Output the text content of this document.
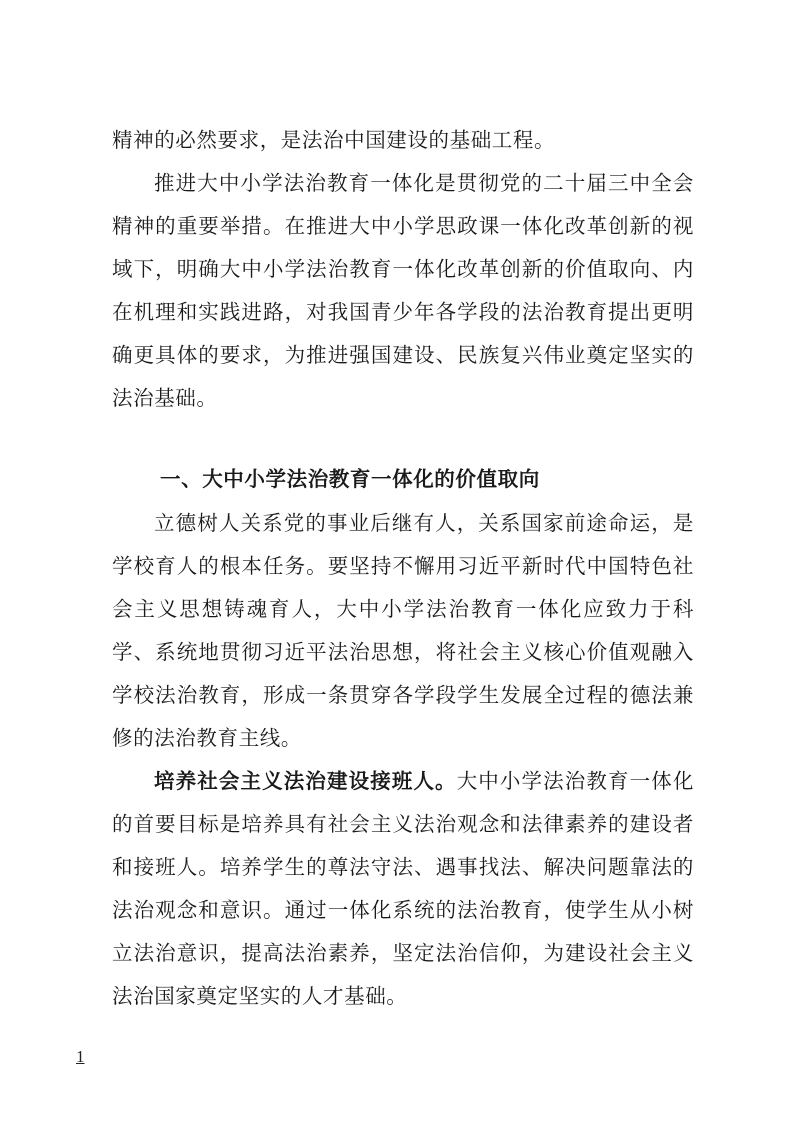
精神的必然要求，是法治中国建设的基础工程。

推进大中小学法治教育一体化是贯彻党的二十届三中全会精神的重要举措。在推进大中小学思政课一体化改革创新的视域下，明确大中小学法治教育一体化改革创新的价值取向、内在机理和实践进路，对我国青少年各学段的法治教育提出更明确更具体的要求，为推进强国建设、民族复兴伟业奠定坚实的法治基础。

一、大中小学法治教育一体化的价值取向

立德树人关系党的事业后继有人，关系国家前途命运，是学校育人的根本任务。要坚持不懈用习近平新时代中国特色社会主义思想铸魂育人，大中小学法治教育一体化应致力于科学、系统地贯彻习近平法治思想，将社会主义核心价值观融入学校法治教育，形成一条贯穿各学段学生发展全过程的德法兼修的法治教育主线。

培养社会主义法治建设接班人。大中小学法治教育一体化的首要目标是培养具有社会主义法治观念和法律素养的建设者和接班人。培养学生的尊法守法、遇事找法、解决问题靠法的法治观念和意识。通过一体化系统的法治教育，使学生从小树立法治意识，提高法治素养，坚定法治信仰，为建设社会主义法治国家奠定坚实的人才基础。

1
